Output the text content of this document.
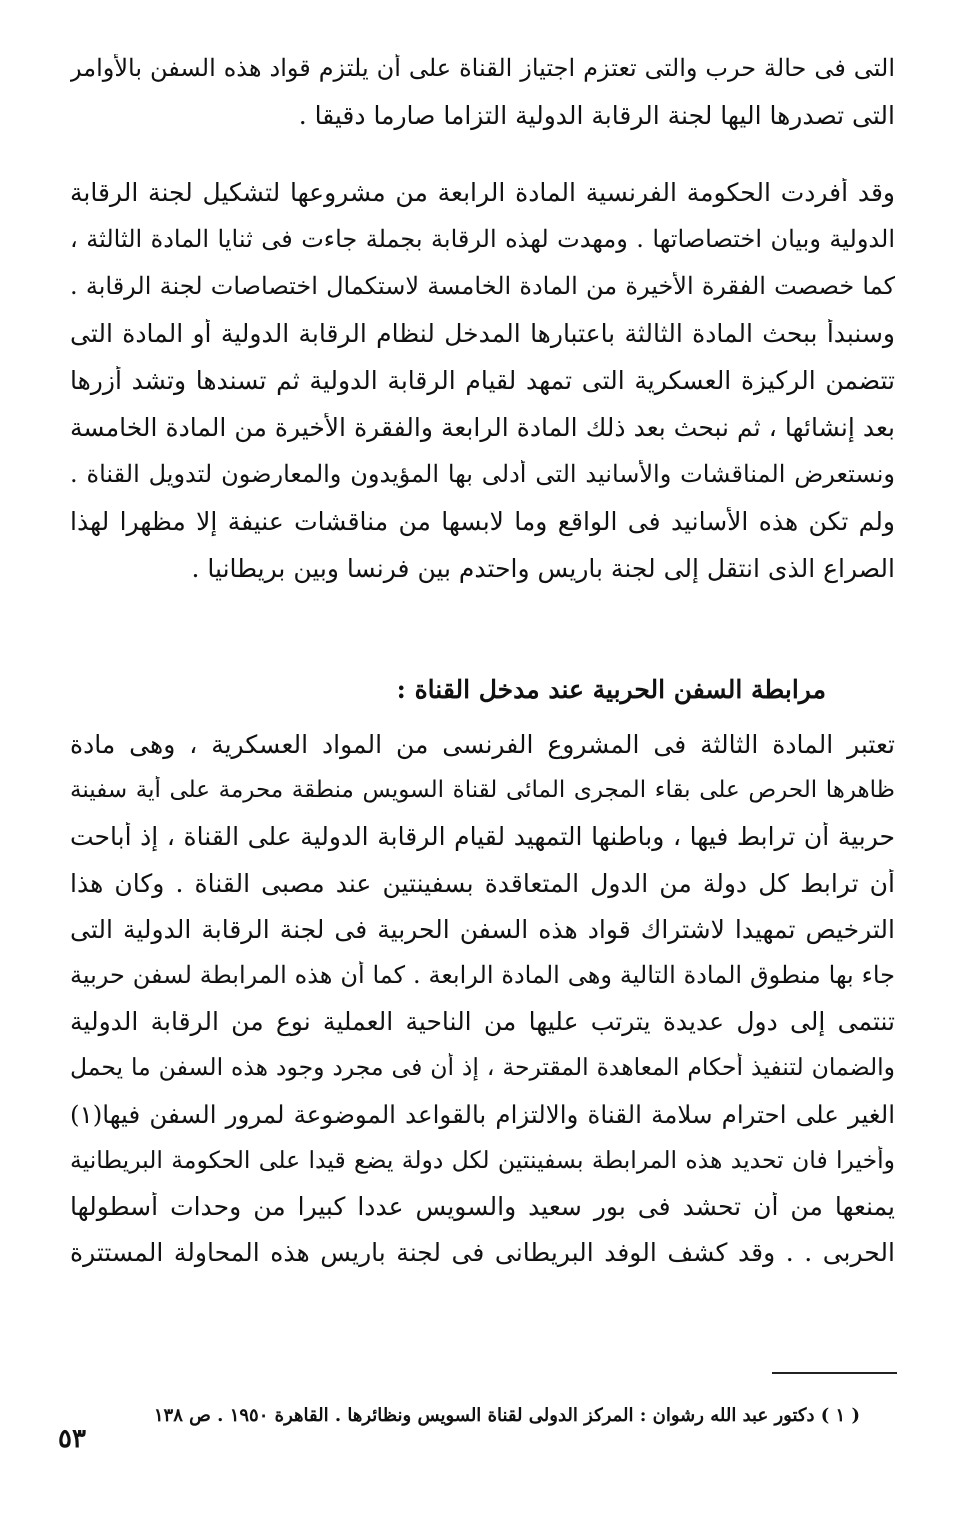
التى فى حالة حرب والتى تعتزم اجتياز القناة على أن يلتزم قواد هذه السفن بالأوامر
التى تصدرها اليها لجنة الرقابة الدولية التزاما صارما دقيقا .
وقد أفردت الحكومة الفرنسية المادة الرابعة من مشروعها لتشكيل لجنة الرقابة
الدولية وبيان اختصاصاتها . ومهدت لهذه الرقابة بجملة جاءت فى ثنايا المادة الثالثة ،
كما خصصت الفقرة الأخيرة من المادة الخامسة لاستكمال اختصاصات لجنة الرقابة .
وسنبدأ ببحث المادة الثالثة باعتبارها المدخل لنظام الرقابة الدولية أو المادة التى
تتضمن الركيزة العسكرية التى تمهد لقيام الرقابة الدولية ثم تسندها وتشد أزرها
بعد إنشائها ، ثم نبحث بعد ذلك المادة الرابعة والفقرة الأخيرة من المادة الخامسة
ونستعرض المناقشات والأسانيد التى أدلى بها المؤيدون والمعارضون لتدويل القناة .
ولم تكن هذه الأسانيد فى الواقع وما لابسها من مناقشات عنيفة إلا مظهرا لهذا
الصراع الذى انتقل إلى لجنة باريس واحتدم بين فرنسا وبين بريطانيا .
مرابطة السفن الحربية عند مدخل القناة :
تعتبر المادة الثالثة فى المشروع الفرنسى من المواد العسكرية ، وهى مادة
ظاهرها الحرص على بقاء المجرى المائى لقناة السويس منطقة محرمة على أية سفينة
حربية أن ترابط فيها ، وباطنها التمهيد لقيام الرقابة الدولية على القناة ، إذ أباحت
أن ترابط كل دولة من الدول المتعاقدة بسفينتين عند مصبى القناة . وكان هذا
الترخيص تمهيدا لاشتراك قواد هذه السفن الحربية فى لجنة الرقابة الدولية التى
جاء بها منطوق المادة التالية وهى المادة الرابعة . كما أن هذه المرابطة لسفن حربية
تنتمى إلى دول عديدة يترتب عليها من الناحية العملية نوع من الرقابة الدولية
والضمان لتنفيذ أحكام المعاهدة المقترحة ، إذ أن فى مجرد وجود هذه السفن ما يحمل
الغير على احترام سلامة القناة والالتزام بالقواعد الموضوعة لمرور السفن فيها(١)
وأخيرا فان تحديد هذه المرابطة بسفينتين لكل دولة يضع قيدا على الحكومة البريطانية
يمنعها من أن تحشد فى بور سعيد والسويس عددا كبيرا من وحدات أسطولها
الحربى . . وقد كشف الوفد البريطانى فى لجنة باريس هذه المحاولة المستترة
( ١ ) دكتور عبد الله رشوان : المركز الدولى لقناة السويس ونظائرها . القاهرة ١٩٥٠ . ص ١٣٨
٥٣
